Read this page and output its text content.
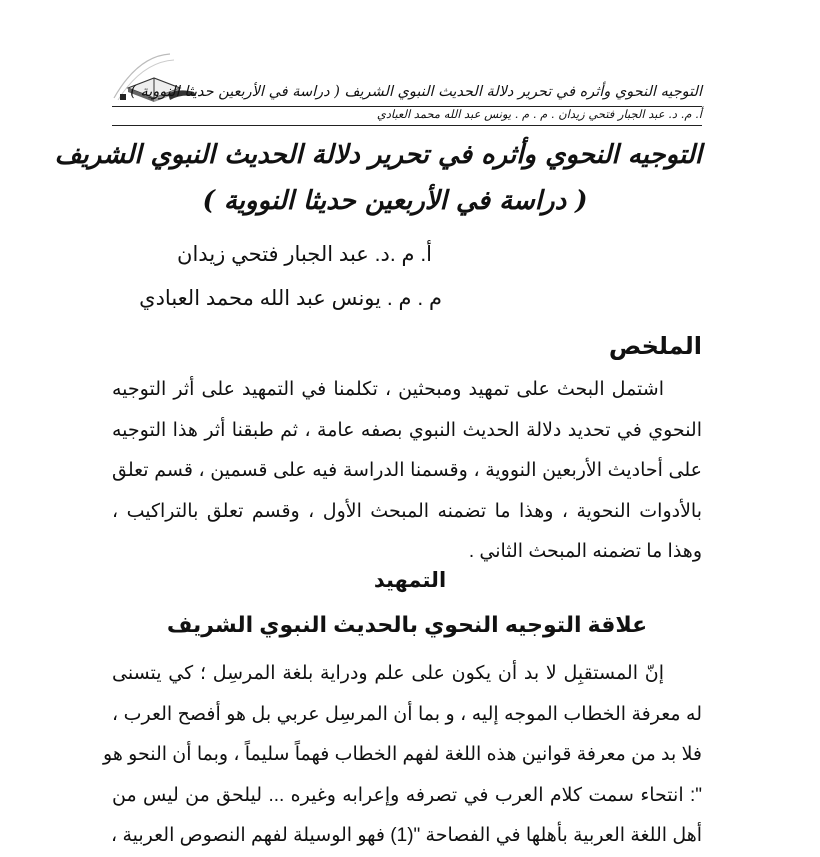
التوجيه النحوي وأثره في تحرير دلالة الحديث النبوي الشريف ( دراسة في الأربعين حديثا النووية )
أ. م. د. عبد الجبار فتحي زيدان . م . م . يونس عبد الله محمد العبادي
التوجيه النحوي وأثره في تحرير دلالة الحديث النبوي الشريف
( دراسة في الأربعين حديثا النووية )
أ. م .د. عبد الجبار فتحي زيدان
م . م . يونس عبد الله محمد العبادي
الملخص
اشتمل البحث على تمهيد ومبحثين ، تكلمنا في التمهيد على أثر التوجيه
النحوي في تحديد دلالة الحديث النبوي بصفه عامة ، ثم طبقنا أثر هذا التوجيه
على أحاديث الأربعين النووية ، وقسمنا الدراسة فيه على قسمين ، قسم تعلق
بالأدوات النحوية ، وهذا ما تضمنه المبحث الأول ، وقسم تعلق بالتراكيب ،
وهذا ما تضمنه المبحث الثاني .
التمهيد
علاقة التوجيه النحوي بالحديث النبوي الشريف
إنّ المستقبِل لا بد أن يكون على علم ودراية بلغة المرسِل ؛ كي يتسنى
له معرفة الخطاب الموجه إليه ، و بما أن المرسِل عربي بل هو أفصح العرب ،
فلا بد من معرفة قوانين هذه اللغة لفهم الخطاب فهماً سليماً ، وبما أن النحو هو
": انتحاء سمت كلام العرب في تصرفه وإعرابه وغيره ... ليلحق من ليس من
أهل اللغة العربية بأهلها في الفصاحة "(1) فهو الوسيلة لفهم النصوص العربية ،
